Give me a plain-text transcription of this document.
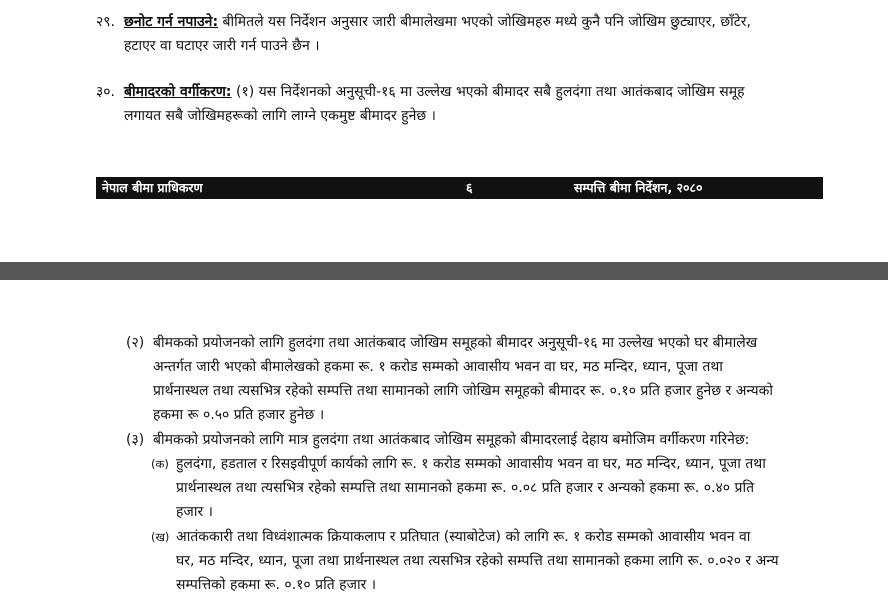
२९. छनोट गर्न नपाउने: बीमितले यस निर्देशन अनुसार जारी बीमालेखमा भएको जोखिमहरु मध्ये कुनै पनि जोखिम छुट्याएर, छाँटेर,
हटाएर वा घटाएर जारी गर्न पाउने छैन ।
३०. बीमादरको वर्गीकरण: (१) यस निर्देशनको अनुसूची-१६ मा उल्लेख भएको बीमादर सबै हुलदंगा तथा आतंकबाद जोखिम समूह
लगायत सबै जोखिमहरूको लागि लाग्ने एकमुष्ट बीमादर हुनेछ ।
नेपाल बीमा प्राधिकरण	६	सम्पत्ति बीमा निर्देशन, २०८०
(२) बीमकको प्रयोजनको लागि हुलदंगा तथा आतंकबाद जोखिम समूहको बीमादर अनुसूची-१६ मा उल्लेख भएको घर बीमालेख
अन्तर्गत जारी भएको बीमालेखको हकमा रू. १ करोड सम्मको आवासीय भवन वा घर, मठ मन्दिर, ध्यान, पूजा तथा
प्रार्थनास्थल तथा त्यसभित्र रहेको सम्पत्ति तथा सामानको लागि जोखिम समूहको बीमादर रू. ०.१० प्रति हजार हुनेछ र अन्यको
हकमा रू ०.५० प्रति हजार हुनेछ ।
(३) बीमकको प्रयोजनको लागि मात्र हुलदंगा तथा आतंकबाद जोखिम समूहको बीमादरलाई देहाय बमोजिम वर्गीकरण गरिनेछ:
(क) हुलदंगा, हडताल र रिसइवीपूर्ण कार्यको लागि रू. १ करोड सम्मको आवासीय भवन वा घर, मठ मन्दिर, ध्यान, पूजा तथा
प्रार्थनास्थल तथा त्यसभित्र रहेको सम्पत्ति तथा सामानको हकमा रू. ०.०८ प्रति हजार र अन्यको हकमा रू. ०.४० प्रति
हजार ।
(ख) आतंककारी तथा विध्वंशात्मक क्रियाकलाप र प्रतिघात (स्याबोटेज) को लागि रू. १ करोड सम्मको आवासीय भवन वा
घर, मठ मन्दिर, ध्यान, पूजा तथा प्रार्थनास्थल तथा त्यसभित्र रहेको सम्पत्ति तथा सामानको हकमा लागि रू. ०.०२० र अन्य
सम्पत्तिको हकमा रू. ०.१० प्रति हजार ।
